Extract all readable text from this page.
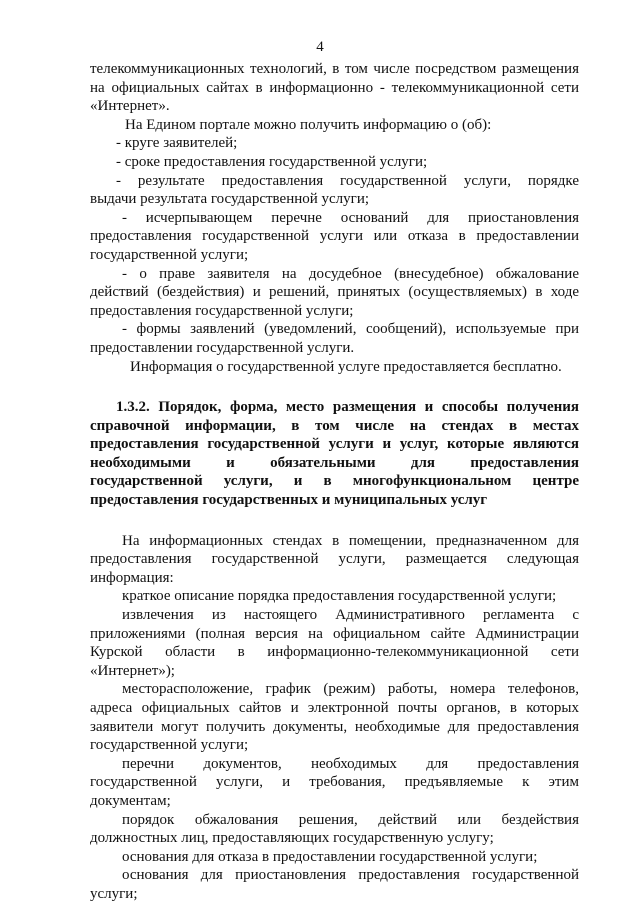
4
телекоммуникационных технологий, в том числе посредством размещения
на официальных сайтах в информационно - телекоммуникационной сети
«Интернет».
На Едином портале можно получить информацию о (об):
- круге заявителей;
- сроке предоставления государственной услуги;
- результате предоставления государственной услуги, порядке
выдачи результата государственной услуги;
- исчерпывающем перечне оснований для приостановления
предоставления государственной услуги или отказа в предоставлении
государственной услуги;
- о праве заявителя на досудебное (внесудебное) обжалование
действий (бездействия) и решений, принятых (осуществляемых) в ходе
предоставления государственной услуги;
- формы заявлений (уведомлений, сообщений), используемые при
предоставлении государственной услуги.
Информация о государственной услуге предоставляется бесплатно.
1.3.2. Порядок, форма, место размещения и способы получения
справочной информации, в том числе на стендах в местах
предоставления государственной услуги и услуг, которые являются
необходимыми и обязательными для предоставления
государственной услуги, и в многофункциональном центре
предоставления государственных и муниципальных услуг
На информационных стендах в помещении, предназначенном для
предоставления государственной услуги, размещается следующая
информация:
краткое описание порядка предоставления государственной услуги;
извлечения из настоящего Административного регламента с
приложениями (полная версия на официальном сайте Администрации
Курской области в информационно-телекоммуникационной сети
«Интернет»);
месторасположение, график (режим) работы, номера телефонов,
адреса официальных сайтов и электронной почты органов, в которых
заявители могут получить документы, необходимые для предоставления
государственной услуги;
перечни документов, необходимых для предоставления
государственной услуги, и требования, предъявляемые к этим
документам;
порядок обжалования решения, действий или бездействия
должностных лиц, предоставляющих государственную услугу;
основания для отказа в предоставлении государственной услуги;
основания для приостановления предоставления государственной
услуги;
